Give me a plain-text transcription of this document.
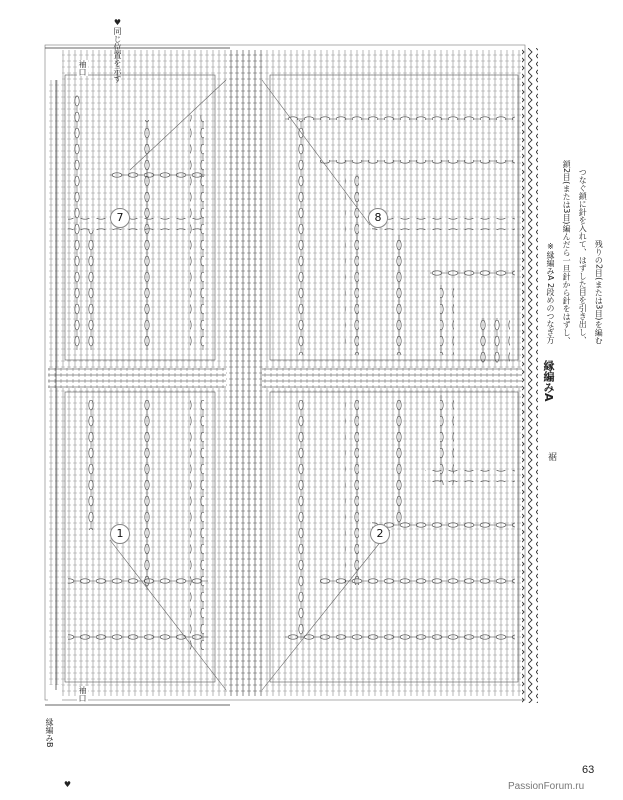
♥同じ位置を示す
袖口
袖口
縁編みA
縁編みB
裾
♥
※縁編みA 2段めのつなぎ方 鎖2目(または3目)編んだら一旦針から針をはずし、 つなぐ鎖に針を入れて、はずした目を引き出し、 残りの2目(または3目)を編む
7	8
1	2
63
PassionForum.ru
